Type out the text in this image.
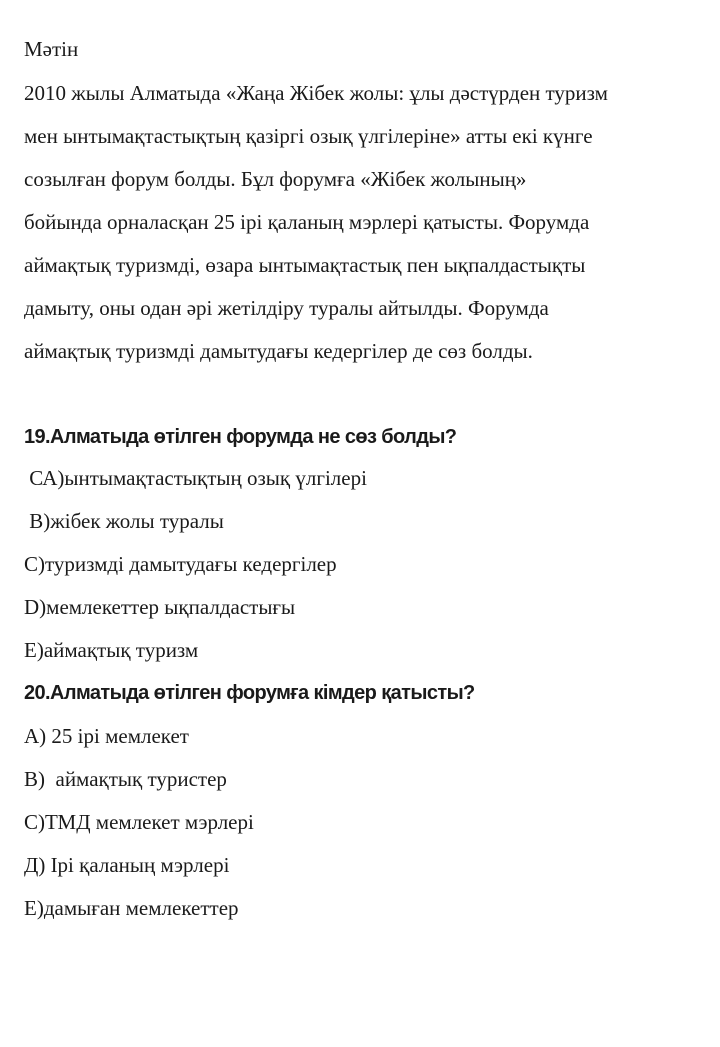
Мәтін
2010 жылы Алматыда «Жаңа Жібек жолы: ұлы дәстүрден туризм
мен ынтымақтастықтың қазіргі озық үлгілеріне» атты екі күнге
созылған форум болды. Бұл форумға «Жібек жолының»
бойында орналасқан 25 ірі қаланың мэрлері қатысты. Форумда
аймақтық туризмді, өзара ынтымақтастық пен ықпалдастықты
дамыту, оны одан әрі жетілдіру туралы айтылды. Форумда
аймақтық туризмді дамытудағы кедергілер де сөз болды.
19.Алматыда өтілген форумда не сөз болды?
СА)ынтымақтастықтың озық үлгілері
В)жібек жолы туралы
С)туризмді дамытудағы кедергілер
D)мемлекеттер ықпалдастығы
Е)аймақтық туризм
20.Алматыда өтілген форумға кімдер қатысты?
А) 25 ірі мемлекет
В)  аймақтық туристер
С)ТМД мемлекет мэрлері
Д) Ірі қаланың мэрлері
Е)дамыған мемлекеттер
